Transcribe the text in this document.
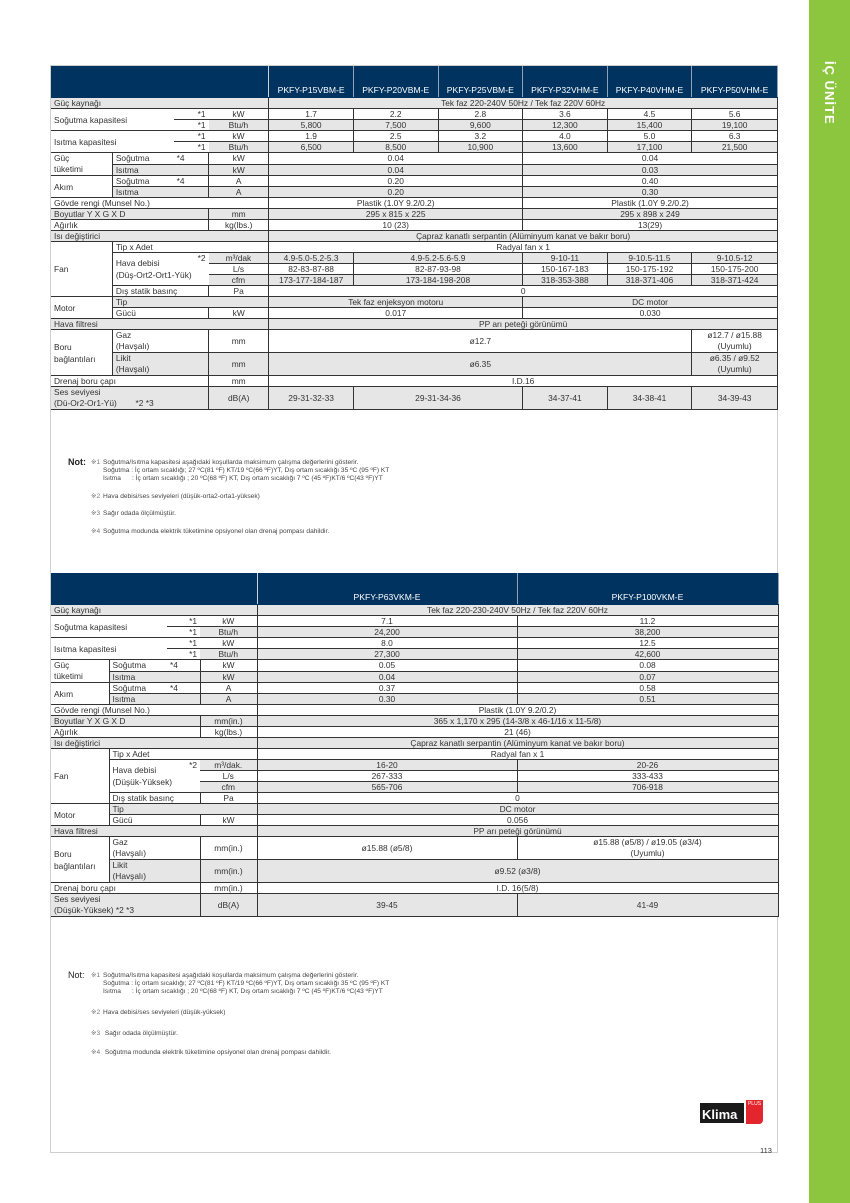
İÇ ÜNİTE
				PKFY-P15VBM-E	PKFY-P20VBM-E	PKFY-P25VBM-E	PKFY-P32VHM-E	PKFY-P40VHM-E	PKFY-P50VHM-E
Güç kaynağı				Tek faz 220-240V 50Hz / Tek faz 220V 60Hz					
Soğutma kapasitesi		*1	kW	1.7	2.2	2.8	3.6	4.5	5.6
		*1	Btu/h	5,800	7,500	9,600	12,300	15,400	19,100
Isıtma kapasitesi		*1	kW	1.9	2.5	3.2	4.0	5.0	6.3
		*1	Btu/h	6,500	8,500	10,900	13,600	17,100	21,500
Güç
tüketimi	Soğutma	*4	kW	0.04			0.04		
	Isıtma		kW	0.04			0.03		
Akım	Soğutma	*4	A	0.20			0.40		
	Isıtma		A	0.20			0.30		
Gövde rengi (Munsel No.)				Plastik (1.0Y 9.2/0.2)			Plastik (1.0Y 9.2/0.2)		
Boyutlar Y X G X D			mm	295 x 815 x 225			295 x 898 x 249		
Ağırlık			kg(lbs.)	10 (23)			13(29)		
Isı değiştirici				Çapraz kanatlı serpantin (Alüminyum kanat ve bakır boru)					
Fan	Tip x Adet			Radyal fan x 1					
	Hava debisi
(Düş-Ort2-Ort1-Yük)	*2	m³/dak	4.9-5.0-5.2-5.3	4.9-5.2-5.6-5.9		9-10-11	9-10.5-11.5	9-10.5-12
			L/s	82-83-87-88	82-87-93-98		150-167-183	150-175-192	150-175-200
			cfm	173-177-184-187	173-184-198-208		318-353-388	318-371-406	318-371-424
	Dış statik basınç		Pa	0					
Motor	Tip			Tek faz enjeksyon motoru			DC motor		
	Gücü		kW	0.017			0.030		
Hava filtresi				PP arı peteği görünümü					
Boru
bağlantıları	Gaz
(Havşalı)		mm	ø12.7					ø12.7 / ø15.88
(Uyumlu)
	Likit
(Havşalı)		mm	ø6.35					ø6.35 / ø9.52
(Uyumlu)
Drenaj boru çapı			mm	I.D.16					
Ses seviyesi
(Dü-Or2-Or1-Yü) *2 *3			dB(A)	29-31-32-33	29-31-34-36		34-37-41	34-38-41	34-39-43
Not: ※1 Soğutma/Isıtma kapasitesi aşağıdaki koşullarda maksimum çalışma değerlerini gösterir.
Soğutma : İç ortam sıcaklığı; 27 ºC(81 ºF) KT/19 ºC(66 ºF)YT, Dış ortam sıcaklığı 35 ºC (95 ºF) KT
Isıtma      : İç ortam sıcaklığı ; 20 ºC(68 ºF) KT, Dış ortam sıcaklığı 7 ºC (45 ºF)KT/6 ºC(43 ºF)YT
※2 Hava debisi/ses seviyeleri (düşük-orta2-orta1-yüksek)
※3 Sağır odada ölçülmüştür.
※4 Soğutma modunda elektrik tüketimine opsiyonel olan drenaj pompası dahildir.
				PKFY-P63VKM-E	PKFY-P100VKM-E
Güç kaynağı				Tek faz 220-230-240V 50Hz / Tek faz 220V 60Hz	
Soğutma kapasitesi		*1	kW	7.1	11.2
		*1	Btu/h	24,200	38,200
Isıtma kapasitesi		*1	kW	8.0	12.5
		*1	Btu/h	27,300	42,600
Güç
tüketimi	Soğutma	*4	kW	0.05	0.08
	Isıtma		kW	0.04	0.07
Akım	Soğutma	*4	A	0.37	0.58
	Isıtma		A	0.30	0.51
Gövde rengi (Munsel No.)				Plastik (1.0Y 9.2/0.2)	
Boyutlar Y X G X D			mm(in.)	365 x 1,170 x 295 (14-3/8 x 46-1/16 x 11-5/8)	
Ağırlık			kg(lbs.)	21 (46)	
Isı değiştirici				Çapraz kanatlı serpantin (Alüminyum kanat ve bakır boru)	
Fan	Tip x Adet			Radyal fan x 1	
	Hava debisi
(Düşük-Yüksek)	*2	m³/dak.	16-20	20-26
			L/s	267-333	333-433
			cfm	565-706	706-918
	Dış statik basınç		Pa	0	
Motor	Tip			DC motor	
	Gücü		kW	0.056	
Hava filtresi				PP arı peteği görünümü	
Boru
bağlantıları	Gaz
(Havşalı)		mm(in.)	ø15.88 (ø5/8)	ø15.88 (ø5/8) / ø19.05 (ø3/4)
(Uyumlu)
	Likit
(Havşalı)		mm(in.)	ø9.52 (ø3/8)	
Drenaj boru çapı			mm(in.)	I.D. 16(5/8)	
Ses seviyesi
(Düşük-Yüksek) *2 *3			dB(A)	39-45	41-49
Not: ※1 Soğutma/Isıtma kapasitesi aşağıdaki koşullarda maksimum çalışma değerlerini gösterir.
Soğutma : İç ortam sıcaklığı; 27 ºC(81 ºF) KT/19 ºC(66 ºF)YT, Dış ortam sıcaklığı 35 ºC (95 ºF) KT
Isıtma      : İç ortam sıcaklığı ; 20 ºC(68 ºF) KT, Dış ortam sıcaklığı 7 ºC (45 ºF)KT/6 ºC(43 ºF)YT
※2 Hava debisi/ses seviyeleri (düşük-yüksek)
※3 Sağır odada ölçülmüştür.
※4 Soğutma modunda elektrik tüketimine opsiyonel olan drenaj pompası dahildir.
Klima
PLUS
113
